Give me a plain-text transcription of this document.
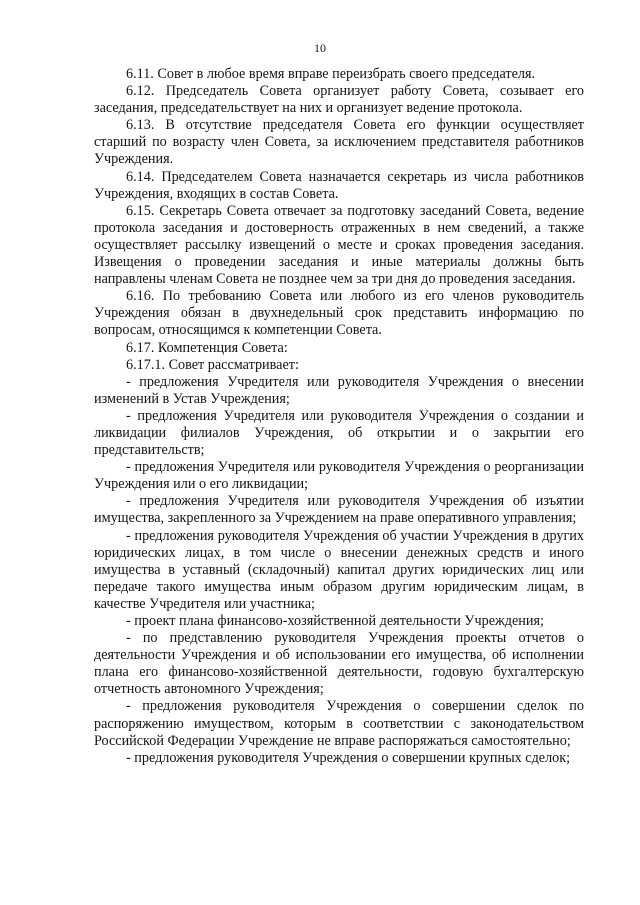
10

6.11. Совет в любое время вправе переизбрать своего председателя.

6.12. Председатель Совета организует работу Совета, созывает его заседания, председательствует на них и организует ведение протокола.

6.13. В отсутствие председателя Совета его функции осуществляет старший по возрасту член Совета, за исключением представителя работников Учреждения.

6.14. Председателем Совета назначается секретарь из числа работников Учреждения, входящих в состав Совета.

6.15. Секретарь Совета отвечает за подготовку заседаний Совета, ведение протокола заседания и достоверность отраженных в нем сведений, а также осуществляет рассылку извещений о месте и сроках проведения заседания. Извещения о проведении заседания и иные материалы должны быть направлены членам Совета не позднее чем за три дня до проведения заседания.

6.16. По требованию Совета или любого из его членов руководитель Учреждения обязан в двухнедельный срок представить информацию по вопросам, относящимся к компетенции Совета.

6.17. Компетенция Совета:

6.17.1. Совет рассматривает:

- предложения Учредителя или руководителя Учреждения о внесении изменений в Устав Учреждения;

- предложения Учредителя или руководителя Учреждения о создании и ликвидации филиалов Учреждения, об открытии и о закрытии его представительств;

- предложения Учредителя или руководителя Учреждения о реорганизации Учреждения или о его ликвидации;

- предложения Учредителя или руководителя Учреждения об изъятии имущества, закрепленного за Учреждением на праве оперативного управления;

- предложения руководителя Учреждения об участии Учреждения в других юридических лицах, в том числе о внесении денежных средств и иного имущества в уставный (складочный) капитал других юридических лиц или передаче такого имущества иным образом другим юридическим лицам, в качестве Учредителя или участника;

- проект плана финансово-хозяйственной деятельности Учреждения;

- по представлению руководителя Учреждения проекты отчетов о деятельности Учреждения и об использовании его имущества, об исполнении плана его финансово-хозяйственной деятельности, годовую бухгалтерскую отчетность автономного Учреждения;

- предложения руководителя Учреждения о совершении сделок по распоряжению имуществом, которым в соответствии с законодательством Российской Федерации Учреждение не вправе распоряжаться самостоятельно;

- предложения руководителя Учреждения о совершении крупных сделок;
